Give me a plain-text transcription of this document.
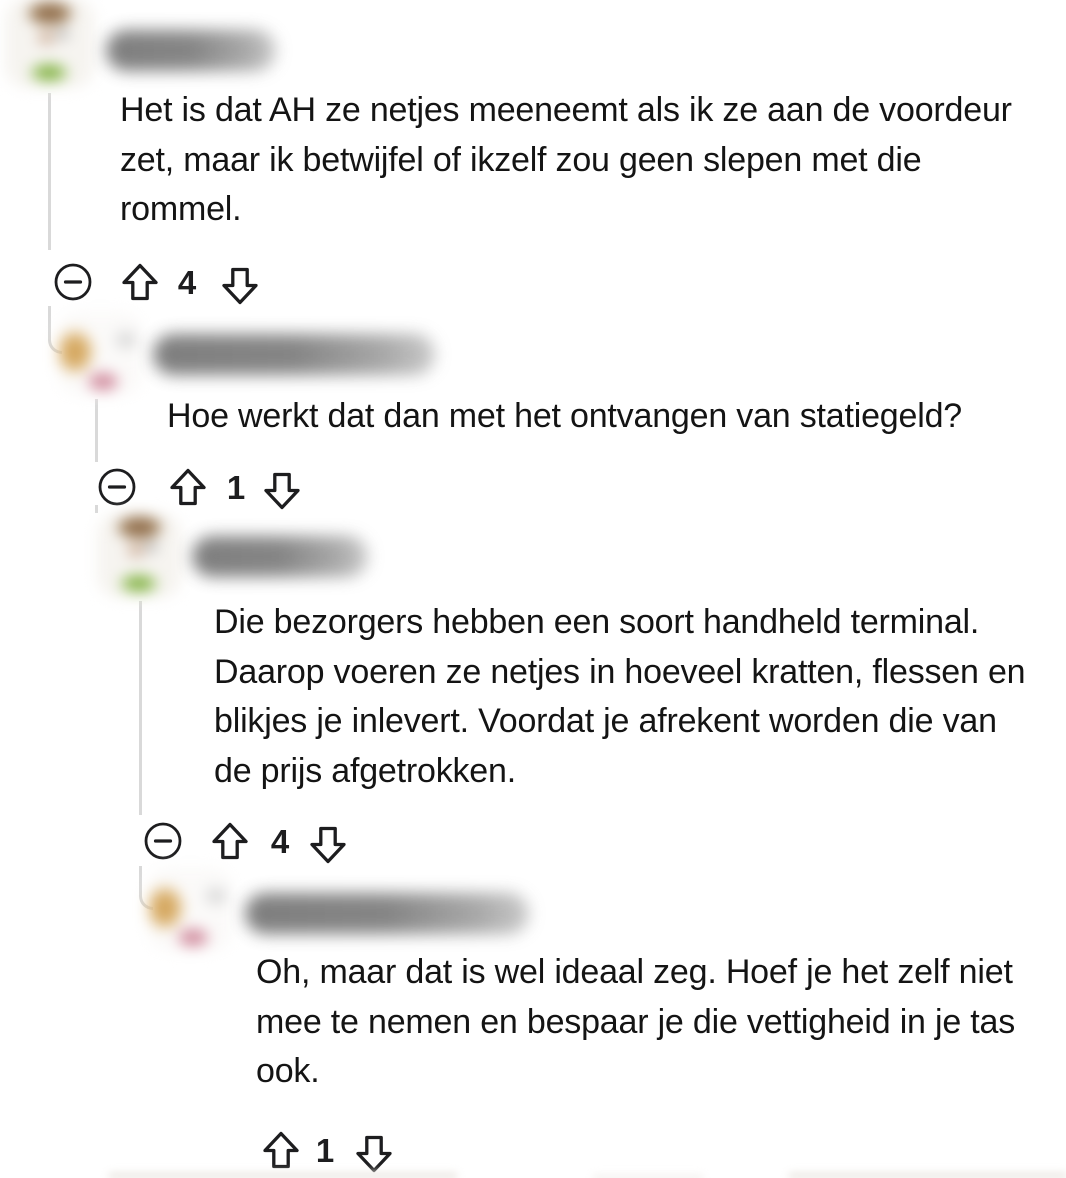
Het is dat AH ze netjes meeneemt als ik ze aan de voordeur
zet, maar ik betwijfel of ikzelf zou geen slepen met die
rommel.
4
Hoe werkt dat dan met het ontvangen van statiegeld?
1
Die bezorgers hebben een soort handheld terminal.
Daarop voeren ze netjes in hoeveel kratten, flessen en
blikjes je inlevert. Voordat je afrekent worden die van
de prijs afgetrokken.
4
Oh, maar dat is wel ideaal zeg. Hoef je het zelf niet
mee te nemen en bespaar je die vettigheid in je tas
ook.
1
